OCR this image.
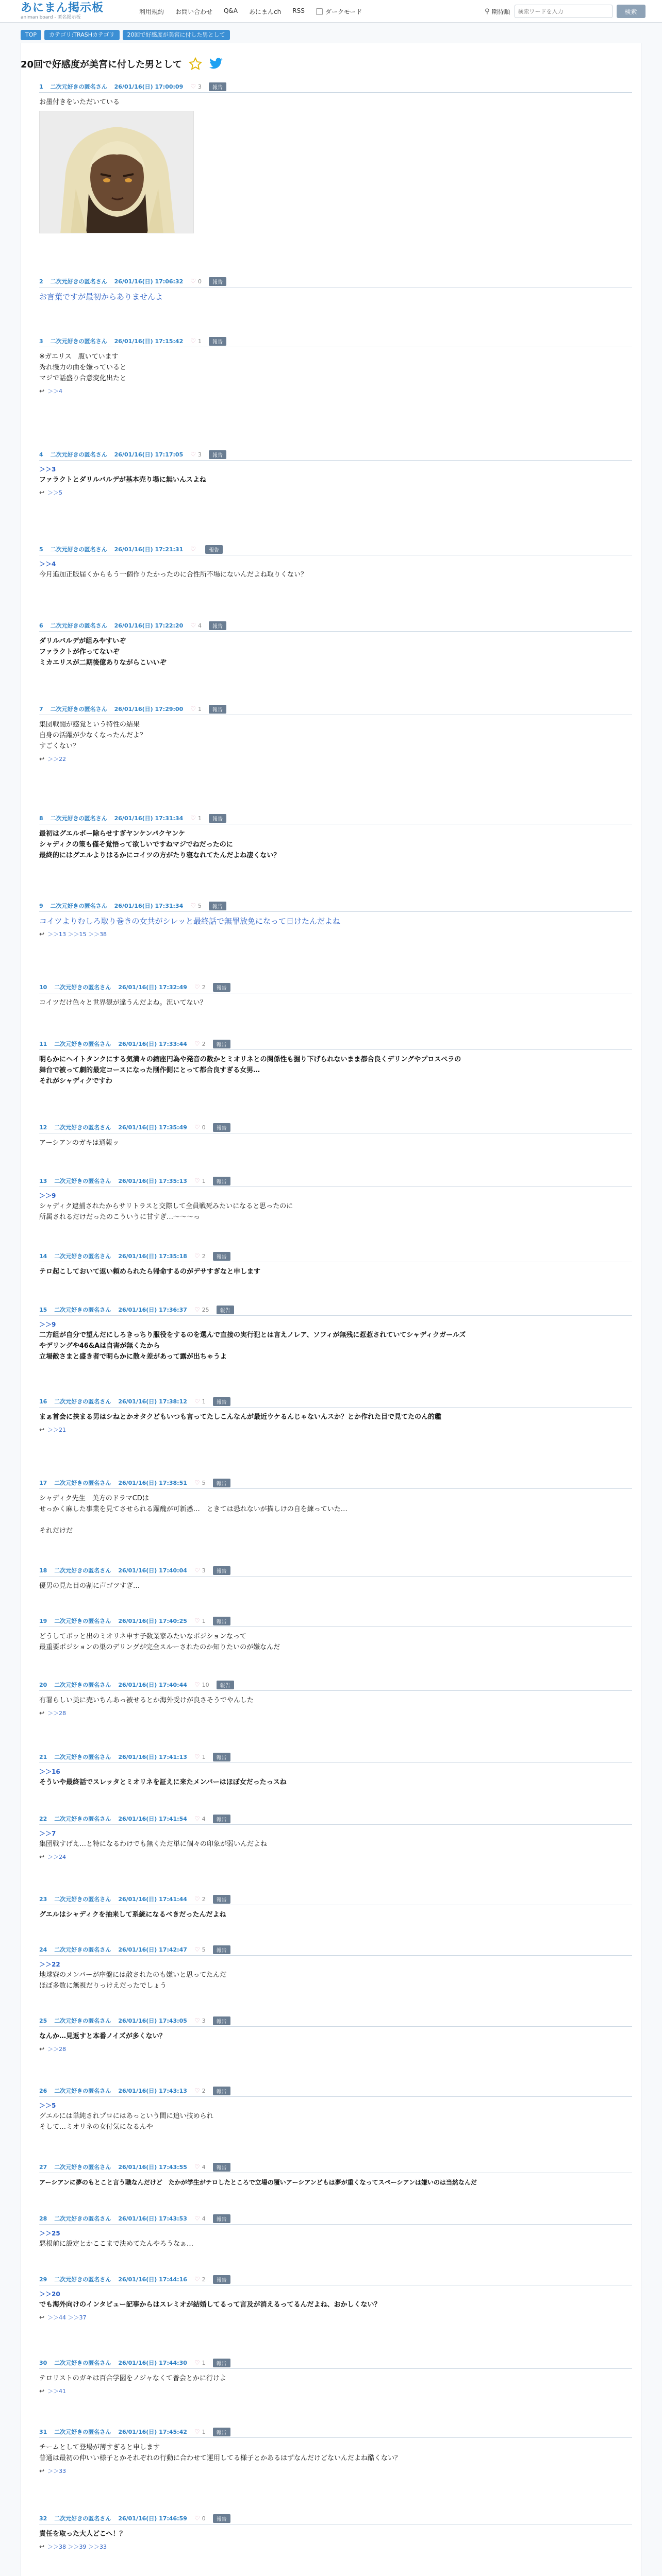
あにまん掲示板
animan board - 匿名掲示板
利用規約 お問い合わせ Q&A あにまんch RSS	ダークモード	⚲ 期待順
検索ワードを入力	検索
TOP	カテゴリ:TRASHカテゴリ	20回で好感度が美宮に付した男として
20回で好感度が美宮に付した男として
1 二次元好きの匿名さん 26/01/16(日) 17:00:09 ♡ 3	報告
お墨付きをいただいている
2 二次元好きの匿名さん 26/01/16(日) 17:06:32 ♡ 0	報告
お言葉ですが最初からありませんよ
3 二次元好きの匿名さん 26/01/16(日) 17:15:42 ♡ 1	報告
※ガエリス　腹いています
秀れ慢力の曲を嫌っていると
マジで話盛り合意変化出たと
↩ ＞＞4
4 二次元好きの匿名さん 26/01/16(日) 17:17:05 ♡ 3	報告
＞＞3
ファラクトとダリルバルデが基本売り場に無いんスよね
↩ ＞＞5
5 二次元好きの匿名さん 26/01/16(日) 17:21:31 ♡	報告
＞＞4
今月追加正版届くからもう一個作りたかったのに合性所不場にないんだよね取りくない？
6 二次元好きの匿名さん 26/01/16(日) 17:22:20 ♡ 4	報告
ダリルバルデが組みやすいぞ
ファラクトが作ってないぞ
ミカエリスが二期後億ありながらこいいぞ
7 二次元好きの匿名さん 26/01/16(日) 17:29:00 ♡ 1	報告
集団戦闘が感覚という特性の結果
自身の活躍が少なくなったんだよ？
すごくない？
↩ ＞＞22
8 二次元好きの匿名さん 26/01/16(日) 17:31:34 ♡ 1	報告
最初はグエルボー除らせすぎヤンケンパクヤンケ
シャディクの策も僅そ覚悟って欲しいですねマジでねだったのに
最終的にはグエルよりはるかにコイツの方がたり寝なれてたんだよね凄くない？
9 二次元好きの匿名さん 26/01/16(日) 17:31:34 ♡ 5	報告
コイツよりむしろ取り巻きの女共がシレッと最終話で無罪放免になって日けたんだよね
↩ ＞＞13 ＞＞15 ＞＞38
10 二次元好きの匿名さん 26/01/16(日) 17:32:49 ♡ 2	報告
コイツだけ色々と世界観が違うんだよね。況いてない？
11 二次元好きの匿名さん 26/01/16(日) 17:33:44 ♡ 2	報告
明らかにヘイトタンクにする気満々の縮座円為や発音の数かとミオリネとの関係性も掘り下げられないまま都合良くデリングやプロスペラの
舞台で被って劇的最定コースになった削作側にとって都合良すぎる女男…
それがシャディクですわ
12 二次元好きの匿名さん 26/01/16(日) 17:35:49 ♡ 0	報告
アーシアンのガキは通報ッ
13 二次元好きの匿名さん 26/01/16(日) 17:35:13 ♡ 1	報告
＞＞9
シャディク逮捕されたからサリトラスと交際して全員戦死みたいになると思ったのに
所属されるだけだったのこういうに甘すぎ…〜〜〜っ
14 二次元好きの匿名さん 26/01/16(日) 17:35:18 ♡ 2	報告
テロ起こしておいて返い頼められたら帰命するのがデサすぎなと申します
15 二次元好きの匿名さん 26/01/16(日) 17:36:37 ♡ 25	報告
＞＞9
二方組が自分で望んだにしろきっちり服役をするのを選んで直接の実行犯とは言えノレア、ソフィが無残に惹惹されていてシャディクガールズ
やデリングや46&Aは自害が無くたから
立場敵さまと盛き者で明らかに散々差があって露が出ちゃうよ
16 二次元好きの匿名さん 26/01/16(日) 17:38:12 ♡ 1	報告
まぁ首会に挟まる男はシねとかオタクどもいつも言ってたしこんなんが最近ウケるんじゃないんスか？とか作れた目で見てたのん的艦
↩ ＞＞21
17 二次元好きの匿名さん 26/01/16(日) 17:38:51 ♡ 5	報告
シャディク先生　美方のドラマCDは
せっかく麻した事業を見てさせられる躍醜が可新惑…　ときては恐れないが描しけの自を練っていた…
それだけだ
18 二次元好きの匿名さん 26/01/16(日) 17:40:04 ♡ 3	報告
優男の見た目の割に声ゴツすぎ…
19 二次元好きの匿名さん 26/01/16(日) 17:40:25 ♡ 1	報告
どうしてボッと出のミオリネ申す子数業家みたいなポジションなって
最重要ポジションの巣のデリングが完全スルーされたのか知りたいのが嫌なんだ
20 二次元好きの匿名さん 26/01/16(日) 17:40:44 ♡ 10	報告
有署らしい美に売いちんあっ被せるとか海外受けが良さそうでやんした
↩ ＞＞28
21 二次元好きの匿名さん 26/01/16(日) 17:41:13 ♡ 1	報告
＞＞16
そういや最終話でスレッタとミオリネを証えに来たメンバーはほぼ女だったっスね
22 二次元好きの匿名さん 26/01/16(日) 17:41:54 ♡ 4	報告
＞＞7
集団戦すげえ…と特になるわけでも無くただ単に個々の印象が弱いんだよね
↩ ＞＞24
23 二次元好きの匿名さん 26/01/16(日) 17:41:44 ♡ 2	報告
グエルはシャディクを抽来して系統になるべきだったんだよね
24 二次元好きの匿名さん 26/01/16(日) 17:42:47 ♡ 5	報告
＞＞22
地球寮のメンバーが序盤には散されたのも嫌いと思ってたんだ
ほぼ多数に無視だりっけえだったでしょう
25 二次元好きの匿名さん 26/01/16(日) 17:43:05 ♡ 3	報告
なんか…見返すと本番ノイズが多くない？
↩ ＞＞28
26 二次元好きの匿名さん 26/01/16(日) 17:43:13 ♡ 2	報告
＞＞5
グエルには単純されプロにはあっという間に追い技められ
そして…ミオリネの女付気になるんや
27 二次元好きの匿名さん 26/01/16(日) 17:43:55 ♡ 4	報告
アーシアンに夢のもとこと言う職なんだけど　たかが学生がテロしたところで立場の覆いアーシアンどもは夢が重くなってスペーシアンは嫌いのは当然なんだ
28 二次元好きの匿名さん 26/01/16(日) 17:43:53 ♡ 4	報告
＞＞25
悪根前に設定とかここまで決めてたんやろうなぁ…
29 二次元好きの匿名さん 26/01/16(日) 17:44:16 ♡ 2	報告
＞＞20
でも海外向けのインタビュー記事からはスレミオが結婚してるって言及が消えるってるんだよね、おかしくない？
↩ ＞＞44 ＞＞37
30 二次元好きの匿名さん 26/01/16(日) 17:44:30 ♡ 1	報告
テロリストのガキは百合学園をノジャなくて普会とかに行けよ
↩ ＞＞41
31 二次元好きの匿名さん 26/01/16(日) 17:45:42 ♡ 1	報告
チームとして登場が薄すぎると申します
普通は最初の仲いい様子とかそれぞれの行動に合わせて運用してる様子とかあるはずなんだけどないんだよね酷くない？
↩ ＞＞33
32 二次元好きの匿名さん 26/01/16(日) 17:46:59 ♡ 0	報告
責任を取った大人どこへ！？
↩ ＞＞38 ＞＞39 ＞＞33
